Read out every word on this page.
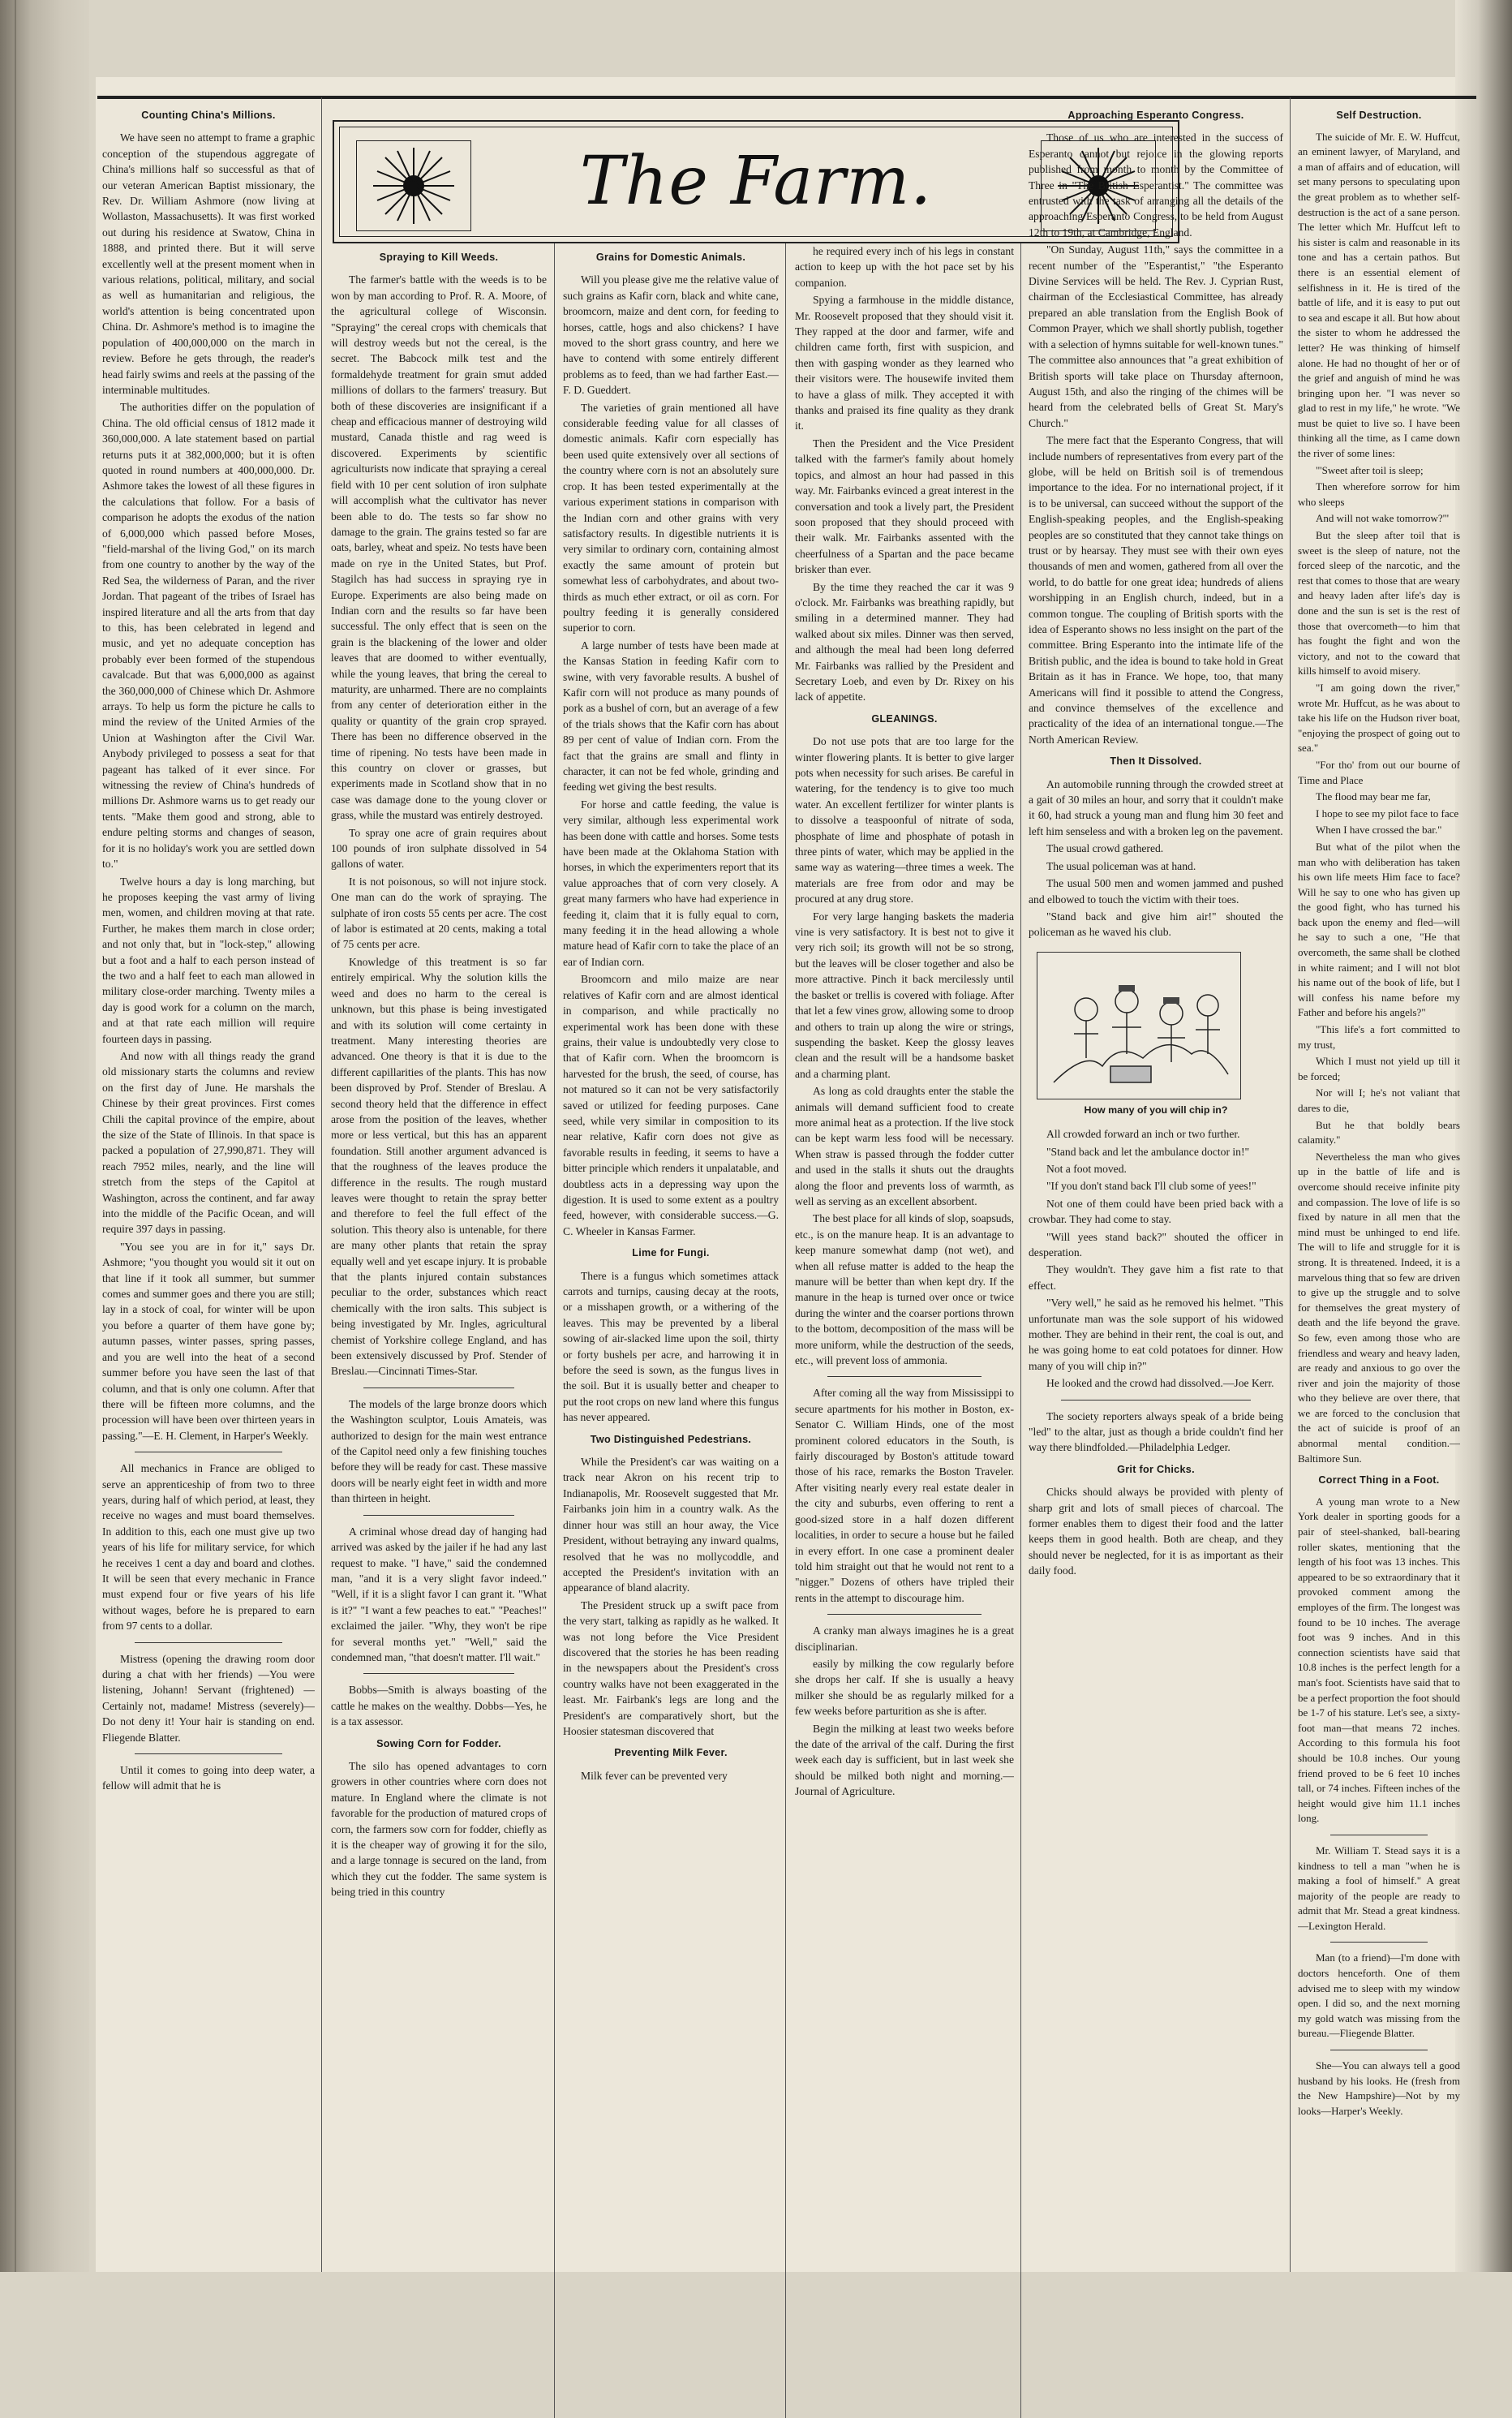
The Farm.
Counting China's Millions.

We have seen no attempt to frame a graphic conception of the stupendous aggregate of China's millions half so successful as that of our veteran American Baptist missionary, the Rev. Dr. William Ashmore (now living at Wollaston, Massachusetts). It was first worked out during his residence at Swatow, China in 1888, and printed there. But it will serve excellently well at the present moment when in various relations, political, military, and social as well as humanitarian and religious, the world's attention is being concentrated upon China. Dr. Ashmore's method is to imagine the population of 400,000,000 on the march in review. Before he gets through, the reader's head fairly swims and reels at the passing of the interminable multitudes.

The authorities differ on the population of China. The old official census of 1812 made it 360,000,000. A late statement based on partial returns puts it at 382,000,000; but it is often quoted in round numbers at 400,000,000. Dr. Ashmore takes the lowest of all these figures in the calculations that follow. For a basis of comparison he adopts the exodus of the nation of 6,000,000 which passed before Moses, "field-marshal of the living God," on its march from one country to another by the way of the Red Sea, the wilderness of Paran, and the river Jordan. That pageant of the tribes of Israel has inspired literature and all the arts from that day to this, has been celebrated in legend and music, and yet no adequate conception has probably ever been formed of the stupendous cavalcade. But that was 6,000,000 as against the 360,000,000 of Chinese which Dr. Ashmore arrays. To help us form the picture he calls to mind the review of the United Armies of the Union at Washington after the Civil War. Anybody privileged to possess a seat for that pageant has talked of it ever since. For witnessing the review of China's hundreds of millions Dr. Ashmore warns us to get ready our tents. "Make them good and strong, able to endure pelting storms and changes of season, for it is no holiday's work you are settled down to."

Twelve hours a day is long marching, but he proposes keeping the vast army of living men, women, and children moving at that rate. Further, he makes them march in close order; and not only that, but in "lock-step," allowing but a foot and a half to each person instead of the two and a half feet to each man allowed in military close-order marching. Twenty miles a day is good work for a column on the march, and at that rate each million will require fourteen days in passing.

And now with all things ready the grand old missionary starts the columns and review on the first day of June. He marshals the Chinese by their great provinces. First comes Chili the capital province of the empire, about the size of the State of Illinois. In that space is packed a population of 27,990,871. They will reach 7952 miles, nearly, and the line will stretch from the steps of the Capitol at Washington, across the continent, and far away into the middle of the Pacific Ocean, and will require 397 days in passing.

"You see you are in for it," says Dr. Ashmore; "you thought you would sit it out on that line if it took all summer, but summer comes and summer goes and there you are still; lay in a stock of coal, for winter will be upon you before a quarter of them have gone by; autumn passes, winter passes, spring passes, and you are well into the heat of a second summer before you have seen the last of that column, and that is only one column. After that there will be fifteen more columns, and the procession will have been over thirteen years in passing."—E. H. Clement, in Harper's Weekly.

All mechanics in France are obliged to serve an apprenticeship of from two to three years, during half of which period, at least, they receive no wages and must board themselves. In addition to this, each one must give up two years of his life for military service, for which he receives 1 cent a day and board and clothes. It will be seen that every mechanic in France must expend four or five years of his life without wages, before he is prepared to earn from 97 cents to a dollar.

Mistress (opening the drawing room door during a chat with her friends) —You were listening, Johann! Servant (frightened) — Certainly not, madame! Mistress (severely)—Do not deny it! Your hair is standing on end. Fliegende Blatter.

Until it comes to going into deep water, a fellow will admit that he is

Spraying to Kill Weeds.

The farmer's battle with the weeds is to be won by man according to Prof. R. A. Moore, of the agricultural college of Wisconsin. "Spraying" the cereal crops with chemicals that will destroy weeds but not the cereal, is the secret. The Babcock milk test and the formaldehyde treatment for grain smut added millions of dollars to the farmers' treasury. But both of these discoveries are insignificant if a cheap and efficacious manner of destroying wild mustard, Canada thistle and rag weed is discovered. Experiments by scientific agriculturists now indicate that spraying a cereal field with 10 per cent solution of iron sulphate will accomplish what the cultivator has never been able to do. The tests so far show no damage to the grain. The grains tested so far are oats, barley, wheat and speiz. No tests have been made on rye in the United States, but Prof. Stagilch has had success in spraying rye in Europe. Experiments are also being made on Indian corn and the results so far have been successful. The only effect that is seen on the grain is the blackening of the lower and older leaves that are doomed to wither eventually, while the young leaves, that bring the cereal to maturity, are unharmed. There are no complaints from any center of deterioration either in the quality or quantity of the grain crop sprayed. There has been no difference observed in the time of ripening. No tests have been made in this country on clover or grasses, but experiments made in Scotland show that in no case was damage done to the young clover or grass, while the mustard was entirely destroyed.

To spray one acre of grain requires about 100 pounds of iron sulphate dissolved in 54 gallons of water.

It is not poisonous, so will not injure stock. One man can do the work of spraying. The sulphate of iron costs 55 cents per acre. The cost of labor is estimated at 20 cents, making a total of 75 cents per acre.

Knowledge of this treatment is so far entirely empirical. Why the solution kills the weed and does no harm to the cereal is unknown, but this phase is being investigated and with its solution will come certainty in treatment. Many interesting theories are advanced. One theory is that it is due to the different capillarities of the plants. This has now been disproved by Prof. Stender of Breslau. A second theory held that the difference in effect arose from the position of the leaves, whether more or less vertical, but this has an apparent foundation. Still another argument advanced is that the roughness of the leaves produce the difference in the results. The rough mustard leaves were thought to retain the spray better and therefore to feel the full effect of the solution. This theory also is untenable, for there are many other plants that retain the spray equally well and yet escape injury. It is probable that the plants injured contain substances peculiar to the order, substances which react chemically with the iron salts. This subject is being investigated by Mr. Ingles, agricultural chemist of Yorkshire college England, and has been extensively discussed by Prof. Stender of Breslau.—Cincinnati Times-Star.

The models of the large bronze doors which the Washington sculptor, Louis Amateis, was authorized to design for the main west entrance of the Capitol need only a few finishing touches before they will be ready for cast. These massive doors will be nearly eight feet in width and more than thirteen in height.

A criminal whose dread day of hanging had arrived was asked by the jailer if he had any last request to make. "I have," said the condemned man, "and it is a very slight favor indeed." "Well, if it is a slight favor I can grant it. "What is it?" "I want a few peaches to eat." "Peaches!" exclaimed the jailer. "Why, they won't be ripe for several months yet." "Well," said the condemned man, "that doesn't matter. I'll wait."

Bobbs—Smith is always boasting of the cattle he makes on the wealthy. Dobbs—Yes, he is a tax assessor.

Sowing Corn for Fodder.

The silo has opened advantages to corn growers in other countries where corn does not mature. In England where the climate is not favorable for the production of matured crops of corn, the farmers sow corn for fodder, chiefly as it is the cheaper way of growing it for the silo, and a large tonnage is secured on the land, from which they cut the fodder. The same system is being tried in this country

Grains for Domestic Animals.

Will you please give me the relative value of such grains as Kafir corn, black and white cane, broomcorn, maize and dent corn, for feeding to horses, cattle, hogs and also chickens? I have moved to the short grass country, and here we have to contend with some entirely different problems as to feed, than we had farther East.—F. D. Gueddert.

The varieties of grain mentioned all have considerable feeding value for all classes of domestic animals. Kafir corn especially has been used quite extensively over all sections of the country where corn is not an absolutely sure crop. It has been tested experimentally at the various experiment stations in comparison with the Indian corn and other grains with very satisfactory results. In digestible nutrients it is very similar to ordinary corn, containing almost exactly the same amount of protein but somewhat less of carbohydrates, and about two-thirds as much ether extract, or oil as corn. For poultry feeding it is generally considered superior to corn.

A large number of tests have been made at the Kansas Station in feeding Kafir corn to swine, with very favorable results. A bushel of Kafir corn will not produce as many pounds of pork as a bushel of corn, but an average of a few of the trials shows that the Kafir corn has about 89 per cent of value of Indian corn. From the fact that the grains are small and flinty in character, it can not be fed whole, grinding and feeding wet giving the best results.

For horse and cattle feeding, the value is very similar, although less experimental work has been done with cattle and horses. Some tests have been made at the Oklahoma Station with horses, in which the experimenters report that its value approaches that of corn very closely. A great many farmers who have had experience in feeding it, claim that it is fully equal to corn, many feeding it in the head allowing a whole mature head of Kafir corn to take the place of an ear of Indian corn.

Broomcorn and milo maize are near relatives of Kafir corn and are almost identical in comparison, and while practically no experimental work has been done with these grains, their value is undoubtedly very close to that of Kafir corn. When the broomcorn is harvested for the brush, the seed, of course, has not matured so it can not be very satisfactorily saved or utilized for feeding purposes. Cane seed, while very similar in composition to its near relative, Kafir corn does not give as favorable results in feeding, it seems to have a bitter principle which renders it unpalatable, and doubtless acts in a depressing way upon the digestion. It is used to some extent as a poultry feed, however, with considerable success.—G. C. Wheeler in Kansas Farmer.

Lime for Fungi.

There is a fungus which sometimes attack carrots and turnips, causing decay at the roots, or a misshapen growth, or a withering of the leaves. This may be prevented by a liberal sowing of air-slacked lime upon the soil, thirty or forty bushels per acre, and harrowing it in before the seed is sown, as the fungus lives in the soil. But it is usually better and cheaper to put the root crops on new land where this fungus has never appeared.

Two Distinguished Pedestrians.

While the President's car was waiting on a track near Akron on his recent trip to Indianapolis, Mr. Roosevelt suggested that Mr. Fairbanks join him in a country walk. As the dinner hour was still an hour away, the Vice President, without betraying any inward qualms, resolved that he was no mollycoddle, and accepted the President's invitation with an appearance of bland alacrity.

The President struck up a swift pace from the very start, talking as rapidly as he walked. It was not long before the Vice President discovered that the stories he has been reading in the newspapers about the President's cross country walks have not been exaggerated in the least. Mr. Fairbank's legs are long and the President's are comparatively short, but the Hoosier statesman discovered that

Preventing Milk Fever.

Milk fever can be prevented very

he required every inch of his legs in constant action to keep up with the hot pace set by his companion.

Spying a farmhouse in the middle distance, Mr. Roosevelt proposed that they should visit it. They rapped at the door and farmer, wife and children came forth, first with suspicion, and then with gasping wonder as they learned who their visitors were. The housewife invited them to have a glass of milk. They accepted it with thanks and praised its fine quality as they drank it.

Then the President and the Vice President talked with the farmer's family about homely topics, and almost an hour had passed in this way. Mr. Fairbanks evinced a great interest in the conversation and took a lively part, the President soon proposed that they should proceed with their walk. Mr. Fairbanks assented with the cheerfulness of a Spartan and the pace became brisker than ever.

By the time they reached the car it was 9 o'clock. Mr. Fairbanks was breathing rapidly, but smiling in a determined manner. They had walked about six miles. Dinner was then served, and although the meal had been long deferred Mr. Fairbanks was rallied by the President and Secretary Loeb, and even by Dr. Rixey on his lack of appetite.

GLEANINGS.

Do not use pots that are too large for the winter flowering plants. It is better to give larger pots when necessity for such arises. Be careful in watering, for the tendency is to give too much water. An excellent fertilizer for winter plants is to dissolve a teaspoonful of nitrate of soda, phosphate of lime and phosphate of potash in three pints of water, which may be applied in the same way as watering—three times a week. The materials are free from odor and may be procured at any drug store.

For very large hanging baskets the maderia vine is very satisfactory. It is best not to give it very rich soil; its growth will not be so strong, but the leaves will be closer together and also be more attractive. Pinch it back mercilessly until the basket or trellis is covered with foliage. After that let a few vines grow, allowing some to droop and others to train up along the wire or strings, suspending the basket. Keep the glossy leaves clean and the result will be a handsome basket and a charming plant.

As long as cold draughts enter the stable the animals will demand sufficient food to create more animal heat as a protection. If the live stock can be kept warm less food will be necessary. When straw is passed through the fodder cutter and used in the stalls it shuts out the draughts along the floor and prevents loss of warmth, as well as serving as an excellent absorbent.

The best place for all kinds of slop, soapsuds, etc., is on the manure heap. It is an advantage to keep manure somewhat damp (not wet), and when all refuse matter is added to the heap the manure will be better than when kept dry. If the manure in the heap is turned over once or twice during the winter and the coarser portions thrown to the bottom, decomposition of the mass will be more uniform, while the destruction of the seeds, etc., will prevent loss of ammonia.

After coming all the way from Mississippi to secure apartments for his mother in Boston, ex-Senator C. William Hinds, one of the most prominent colored educators in the South, is fairly discouraged by Boston's attitude toward those of his race, remarks the Boston Traveler. After visiting nearly every real estate dealer in the city and suburbs, even offering to rent a good-sized store in a half dozen different localities, in order to secure a house but he failed in every effort. In one case a prominent dealer told him straight out that he would not rent to a "nigger." Dozens of others have tripled their rents in the attempt to discourage him.

A cranky man always imagines he is a great disciplinarian.

easily by milking the cow regularly before she drops her calf. If she is usually a heavy milker she should be as regularly milked for a few weeks before parturition as she is after.

Begin the milking at least two weeks before the date of the arrival of the calf. During the first week each day is sufficient, but in last week she should be milked both night and morning.—Journal of Agriculture.

Approaching Esperanto Congress.

Those of us who are interested in the success of Esperanto cannot but rejoice in the glowing reports published from month to month by the Committee of Three in "The British Esperantist." The committee was entrusted with the task of arranging all the details of the approaching Esperanto Congress, to be held from August 12th to 19th, at Cambridge, England.

"On Sunday, August 11th," says the committee in a recent number of the "Esperantist," "the Esperanto Divine Services will be held. The Rev. J. Cyprian Rust, chairman of the Ecclesiastical Committee, has already prepared an able translation from the English Book of Common Prayer, which we shall shortly publish, together with a selection of hymns suitable for well-known tunes." The committee also announces that "a great exhibition of British sports will take place on Thursday afternoon, August 15th, and also the ringing of the chimes will be heard from the celebrated bells of Great St. Mary's Church."

The mere fact that the Esperanto Congress, that will include numbers of representatives from every part of the globe, will be held on British soil is of tremendous importance to the idea. For no international project, if it is to be universal, can succeed without the support of the English-speaking peoples, and the English-speaking peoples are so constituted that they cannot take things on trust or by hearsay. They must see with their own eyes thousands of men and women, gathered from all over the world, to do battle for one great idea; hundreds of aliens worshipping in an English church, indeed, but in a common tongue. The coupling of British sports with the idea of Esperanto shows no less insight on the part of the committee. Bring Esperanto into the intimate life of the British public, and the idea is bound to take hold in Great Britain as it has in France. We hope, too, that many Americans will find it possible to attend the Congress, and convince themselves of the excellence and practicality of the idea of an international tongue.—The North American Review.

Then It Dissolved.

An automobile running through the crowded street at a gait of 30 miles an hour, and sorry that it couldn't make it 60, had struck a young man and flung him 30 feet and left him senseless and with a broken leg on the pavement.

The usual crowd gathered.

The usual policeman was at hand.

The usual 500 men and women jammed and pushed and elbowed to touch the victim with their toes.

"Stand back and give him air!" shouted the policeman as he waved his club.

How many of you will chip in?

All crowded forward an inch or two further.

"Stand back and let the ambulance doctor in!"

Not a foot moved.

"If you don't stand back I'll club some of yees!"

Not one of them could have been pried back with a crowbar. They had come to stay.

"Will yees stand back?" shouted the officer in desperation.

They wouldn't. They gave him a fist rate to that effect.

"Very well," he said as he removed his helmet. "This unfortunate man was the sole support of his widowed mother. They are behind in their rent, the coal is out, and he was going home to eat cold potatoes for dinner. How many of you will chip in?"

He looked and the crowd had dissolved.—Joe Kerr.

The society reporters always speak of a bride being "led" to the altar, just as though a bride couldn't find her way there blindfolded.—Philadelphia Ledger.

Grit for Chicks.

Chicks should always be provided with plenty of sharp grit and lots of small pieces of charcoal. The former enables them to digest their food and the latter keeps them in good health. Both are cheap, and they should never be neglected, for it is as important as their daily food.

Self Destruction.

The suicide of Mr. E. W. Huffcut, an eminent lawyer, of Maryland, and a man of affairs and of education, will set many persons to speculating upon the great problem as to whether self-destruction is the act of a sane person. The letter which Mr. Huffcut left to his sister is calm and reasonable in its tone and has a certain pathos. But there is an essential element of selfishness in it. He is tired of the battle of life, and it is easy to put out to sea and escape it all. But how about the sister to whom he addressed the letter? He was thinking of himself alone. He had no thought of her or of the grief and anguish of mind he was bringing upon her. "I was never so glad to rest in my life," he wrote. "We must be quiet to live so. I have been thinking all the time, as I came down the river of some lines:

"'Sweet after toil is sleep;

Then wherefore sorrow for him who sleeps

And will not wake tomorrow?'"

But the sleep after toil that is sweet is the sleep of nature, not the forced sleep of the narcotic, and the rest that comes to those that are weary and heavy laden after life's day is done and the sun is set is the rest of those that overcometh—to him that has fought the fight and won the victory, and not to the coward that kills himself to avoid misery.

"I am going down the river," wrote Mr. Huffcut, as he was about to take his life on the Hudson river boat, "enjoying the prospect of going out to sea."

"For tho' from out our bourne of Time and Place

The flood may bear me far,

I hope to see my pilot face to face

When I have crossed the bar."

But what of the pilot when the man who with deliberation has taken his own life meets Him face to face? Will he say to one who has given up the good fight, who has turned his back upon the enemy and fled—will he say to such a one, "He that overcometh, the same shall be clothed in white raiment; and I will not blot his name out of the book of life, but I will confess his name before my Father and before his angels?"

"This life's a fort committed to my trust,

Which I must not yield up till it be forced;

Nor will I; he's not valiant that dares to die,

But he that boldly bears calamity."

Nevertheless the man who gives up in the battle of life and is overcome should receive infinite pity and compassion. The love of life is so fixed by nature in all men that the mind must be unhinged to end life. The will to life and struggle for it is strong. It is threatened. Indeed, it is a marvelous thing that so few are driven to give up the struggle and to solve for themselves the great mystery of death and the life beyond the grave. So few, even among those who are friendless and weary and heavy laden, are ready and anxious to go over the river and join the majority of those who they believe are over there, that we are forced to the conclusion that the act of suicide is proof of an abnormal mental condition.—Baltimore Sun.

Correct Thing in a Foot.

A young man wrote to a New York dealer in sporting goods for a pair of steel-shanked, ball-bearing roller skates, mentioning that the length of his foot was 13 inches. This appeared to be so extraordinary that it provoked comment among the employes of the firm. The longest was found to be 10 inches. The average foot was 9 inches. And in this connection scientists have said that 10.8 inches is the perfect length for a man's foot. Scientists have said that to be a perfect proportion the foot should be 1-7 of his stature. Let's see, a sixty-foot man—that means 72 inches. According to this formula his foot should be 10.8 inches. Our young friend proved to be 6 feet 10 inches tall, or 74 inches. Fifteen inches of the height would give him 11.1 inches long.

Mr. William T. Stead says it is a kindness to tell a man "when he is making a fool of himself." A great majority of the people are ready to admit that Mr. Stead a great kindness.—Lexington Herald.

Man (to a friend)—I'm done with doctors henceforth. One of them advised me to sleep with my window open. I did so, and the next morning my gold watch was missing from the bureau.—Fliegende Blatter.

She—You can always tell a good husband by his looks. He (fresh from the New Hampshire)—Not by my looks—Harper's Weekly.
